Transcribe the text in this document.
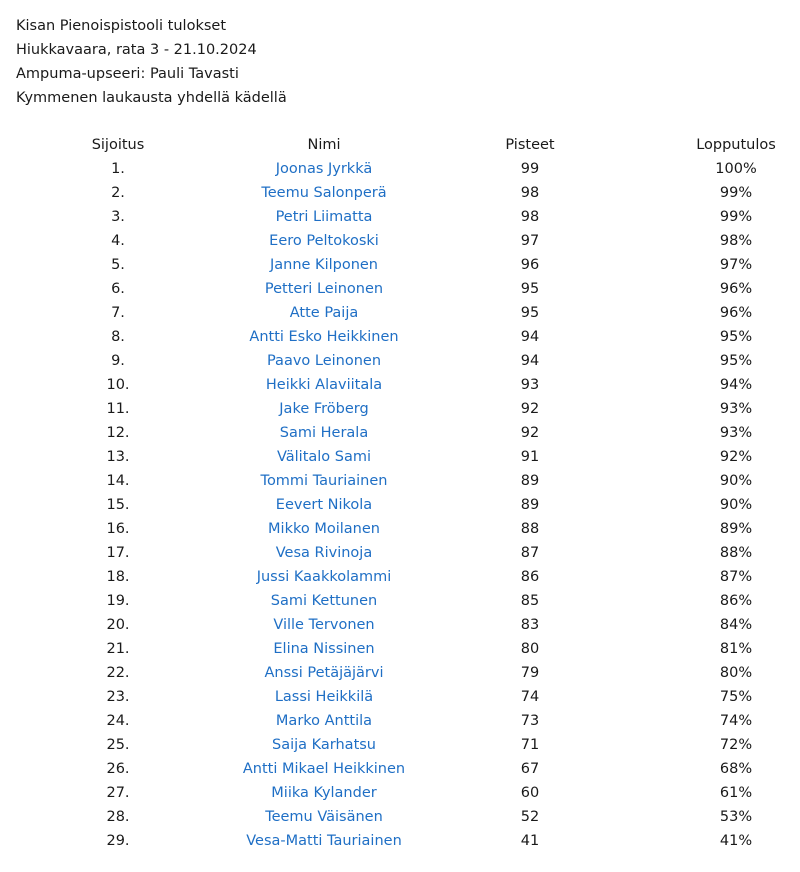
Kisan Pienoispistooli tulokset
Hiukkavaara, rata 3 - 21.10.2024
Ampuma-upseeri: Pauli Tavasti
Kymmenen laukausta yhdellä kädellä
Sijoitus	Nimi	Pisteet	Lopputulos
1.	Joonas Jyrkkä	99	100%
2.	Teemu Salonperä	98	99%
3.	Petri Liimatta	98	99%
4.	Eero Peltokoski	97	98%
5.	Janne Kilponen	96	97%
6.	Petteri Leinonen	95	96%
7.	Atte Paija	95	96%
8.	Antti Esko Heikkinen	94	95%
9.	Paavo Leinonen	94	95%
10.	Heikki Alaviitala	93	94%
11.	Jake Fröberg	92	93%
12.	Sami Herala	92	93%
13.	Välitalo Sami	91	92%
14.	Tommi Tauriainen	89	90%
15.	Eevert Nikola	89	90%
16.	Mikko Moilanen	88	89%
17.	Vesa Rivinoja	87	88%
18.	Jussi Kaakkolammi	86	87%
19.	Sami Kettunen	85	86%
20.	Ville Tervonen	83	84%
21.	Elina Nissinen	80	81%
22.	Anssi Petäjäjärvi	79	80%
23.	Lassi Heikkilä	74	75%
24.	Marko Anttila	73	74%
25.	Saija Karhatsu	71	72%
26.	Antti Mikael Heikkinen	67	68%
27.	Miika Kylander	60	61%
28.	Teemu Väisänen	52	53%
29.	Vesa-Matti Tauriainen	41	41%
